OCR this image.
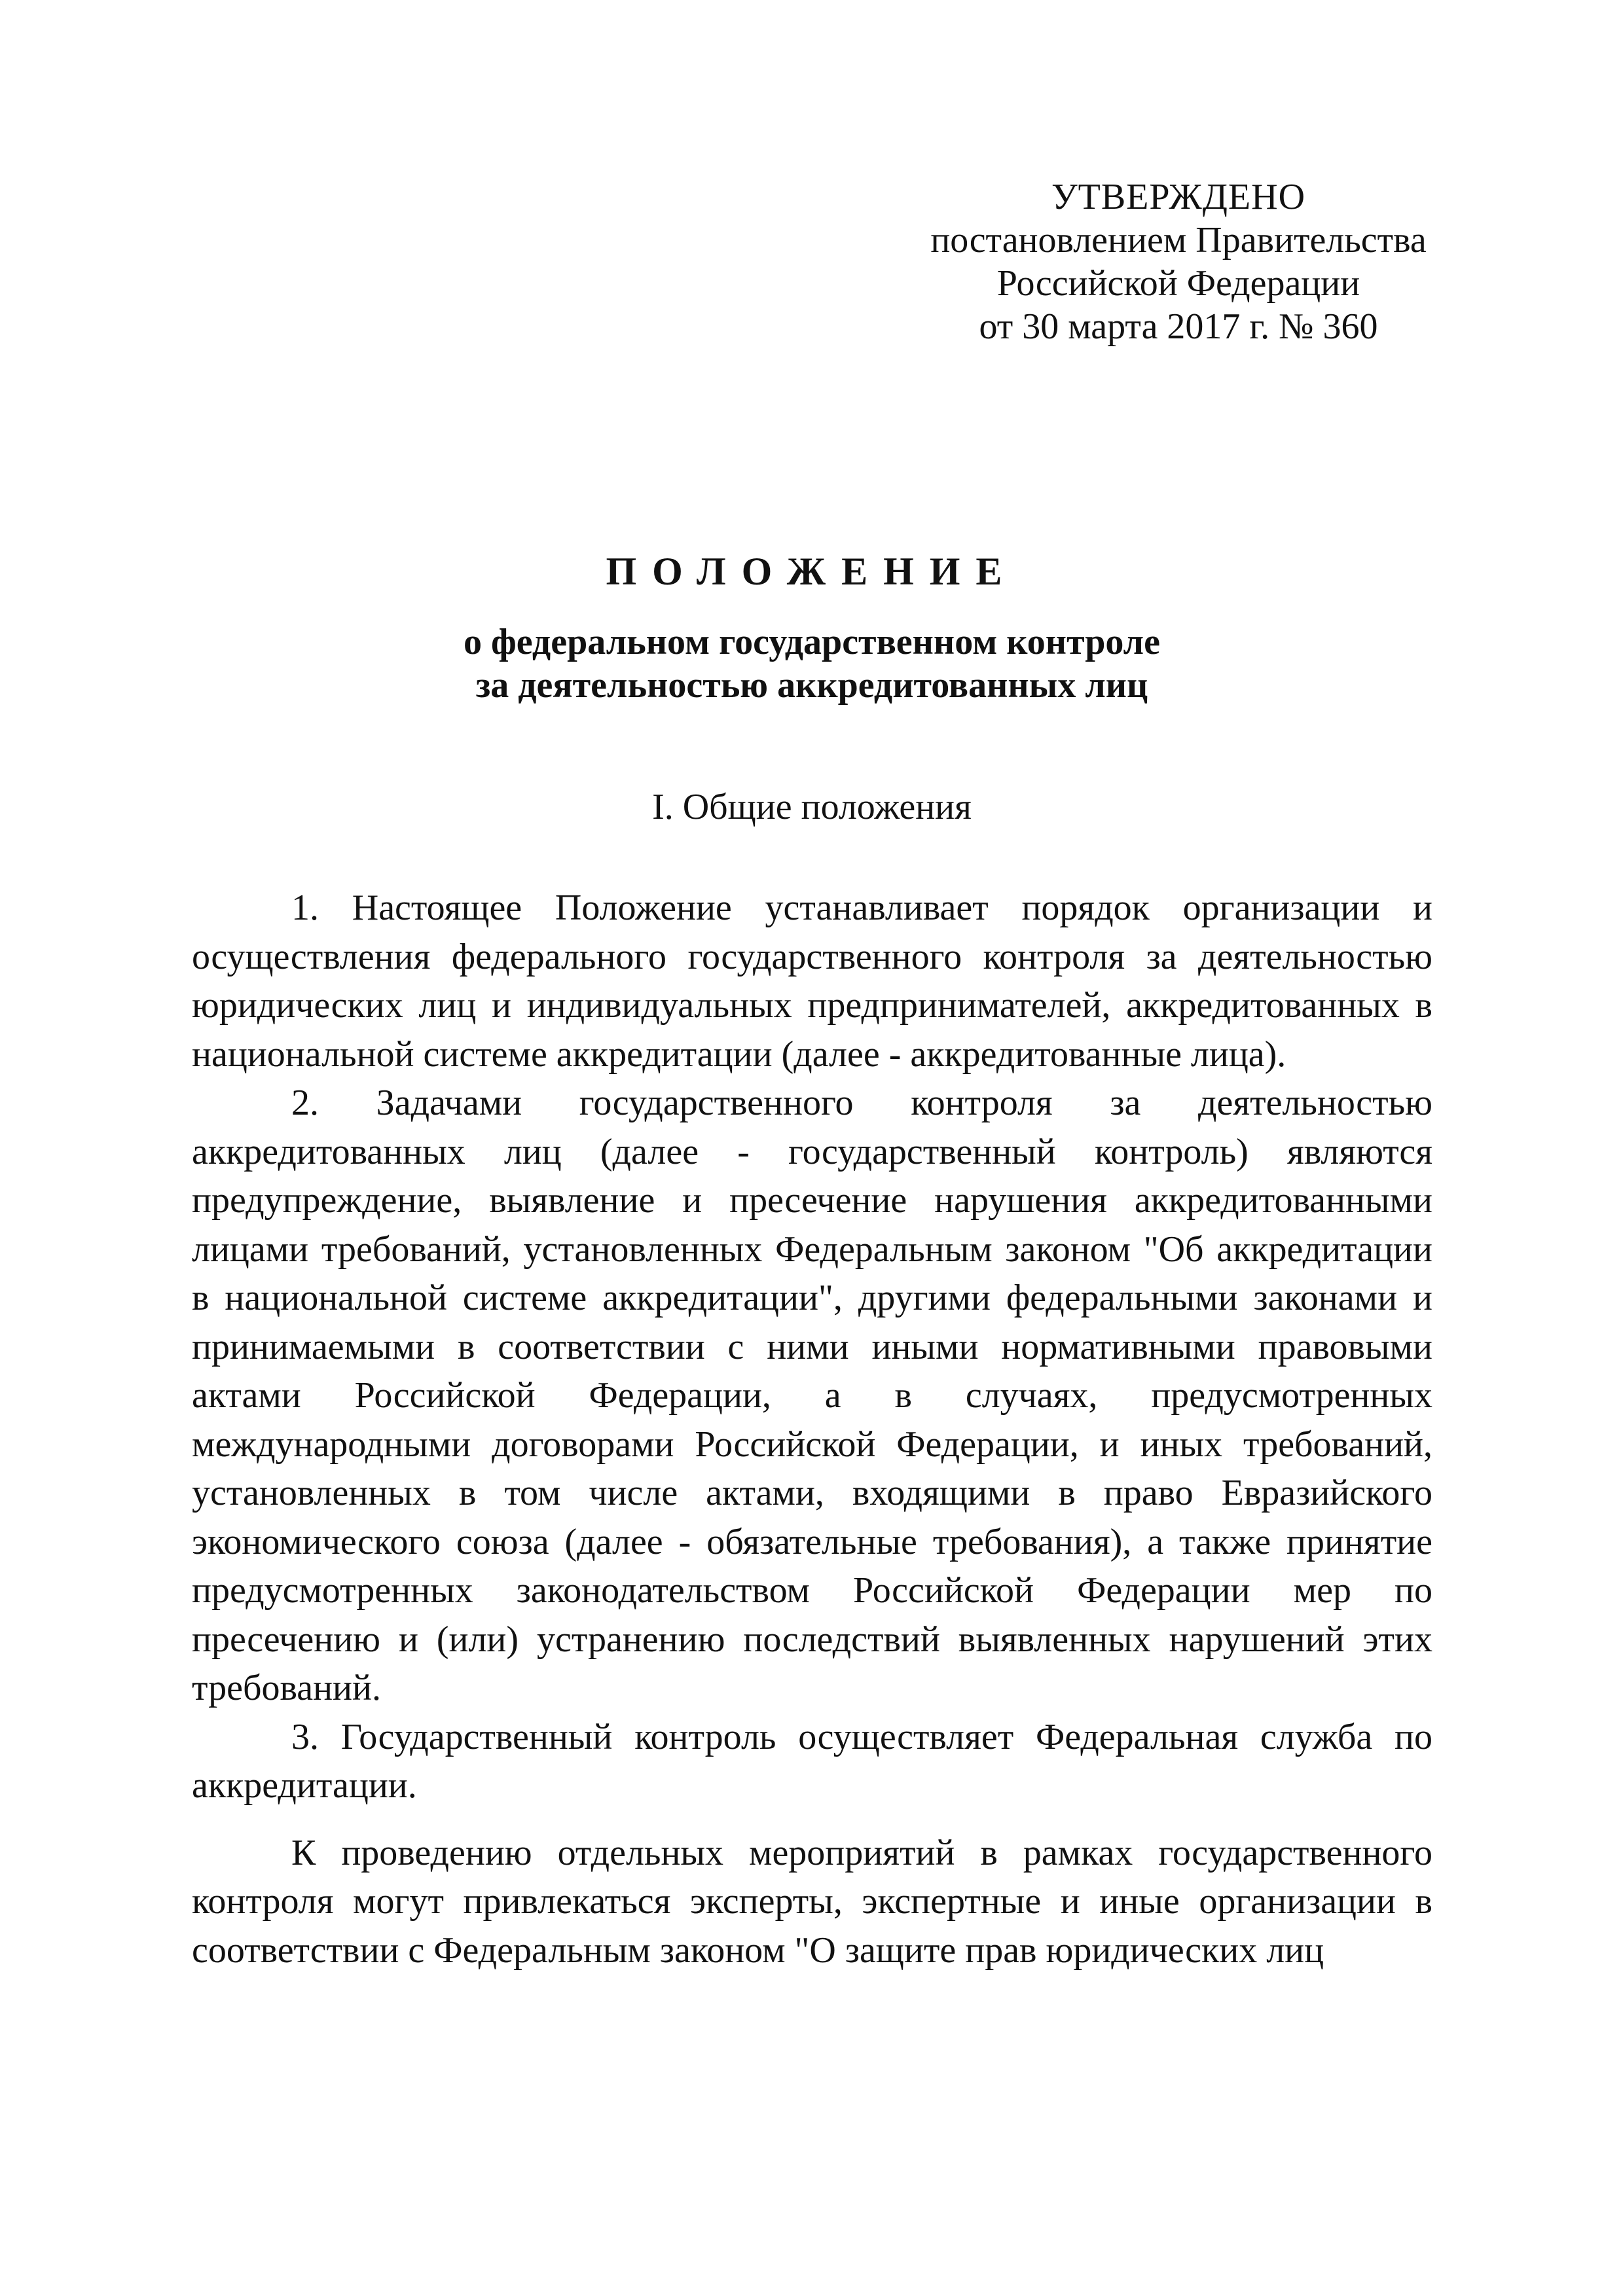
УТВЕРЖДЕНО
постановлением Правительства
Российской Федерации
от 30 марта 2017 г. № 360
ПОЛОЖЕНИЕ
о федеральном государственном контроле
за деятельностью аккредитованных лиц
I. Общие положения

1. Настоящее Положение устанавливает порядок организации и осуществления федерального государственного контроля за деятельностью юридических лиц и индивидуальных предпринимателей, аккредитованных в национальной системе аккредитации (далее - аккредитованные лица).

2. Задачами государственного контроля за деятельностью аккредитованных лиц (далее - государственный контроль) являются предупреждение, выявление и пресечение нарушения аккредитованными лицами требований, установленных Федеральным законом "Об аккредитации в национальной системе аккредитации", другими федеральными законами и принимаемыми в соответствии с ними иными нормативными правовыми актами Российской Федерации, а в случаях, предусмотренных международными договорами Российской Федерации, и иных требований, установленных в том числе актами, входящими в право Евразийского экономического союза (далее - обязательные требования), а также принятие предусмотренных законодательством Российской Федерации мер по пресечению и (или) устранению последствий выявленных нарушений этих требований.

3. Государственный контроль осуществляет Федеральная служба по аккредитации.

К проведению отдельных мероприятий в рамках государственного контроля могут привлекаться эксперты, экспертные и иные организации в соответствии с Федеральным законом "О защите прав юридических лиц
